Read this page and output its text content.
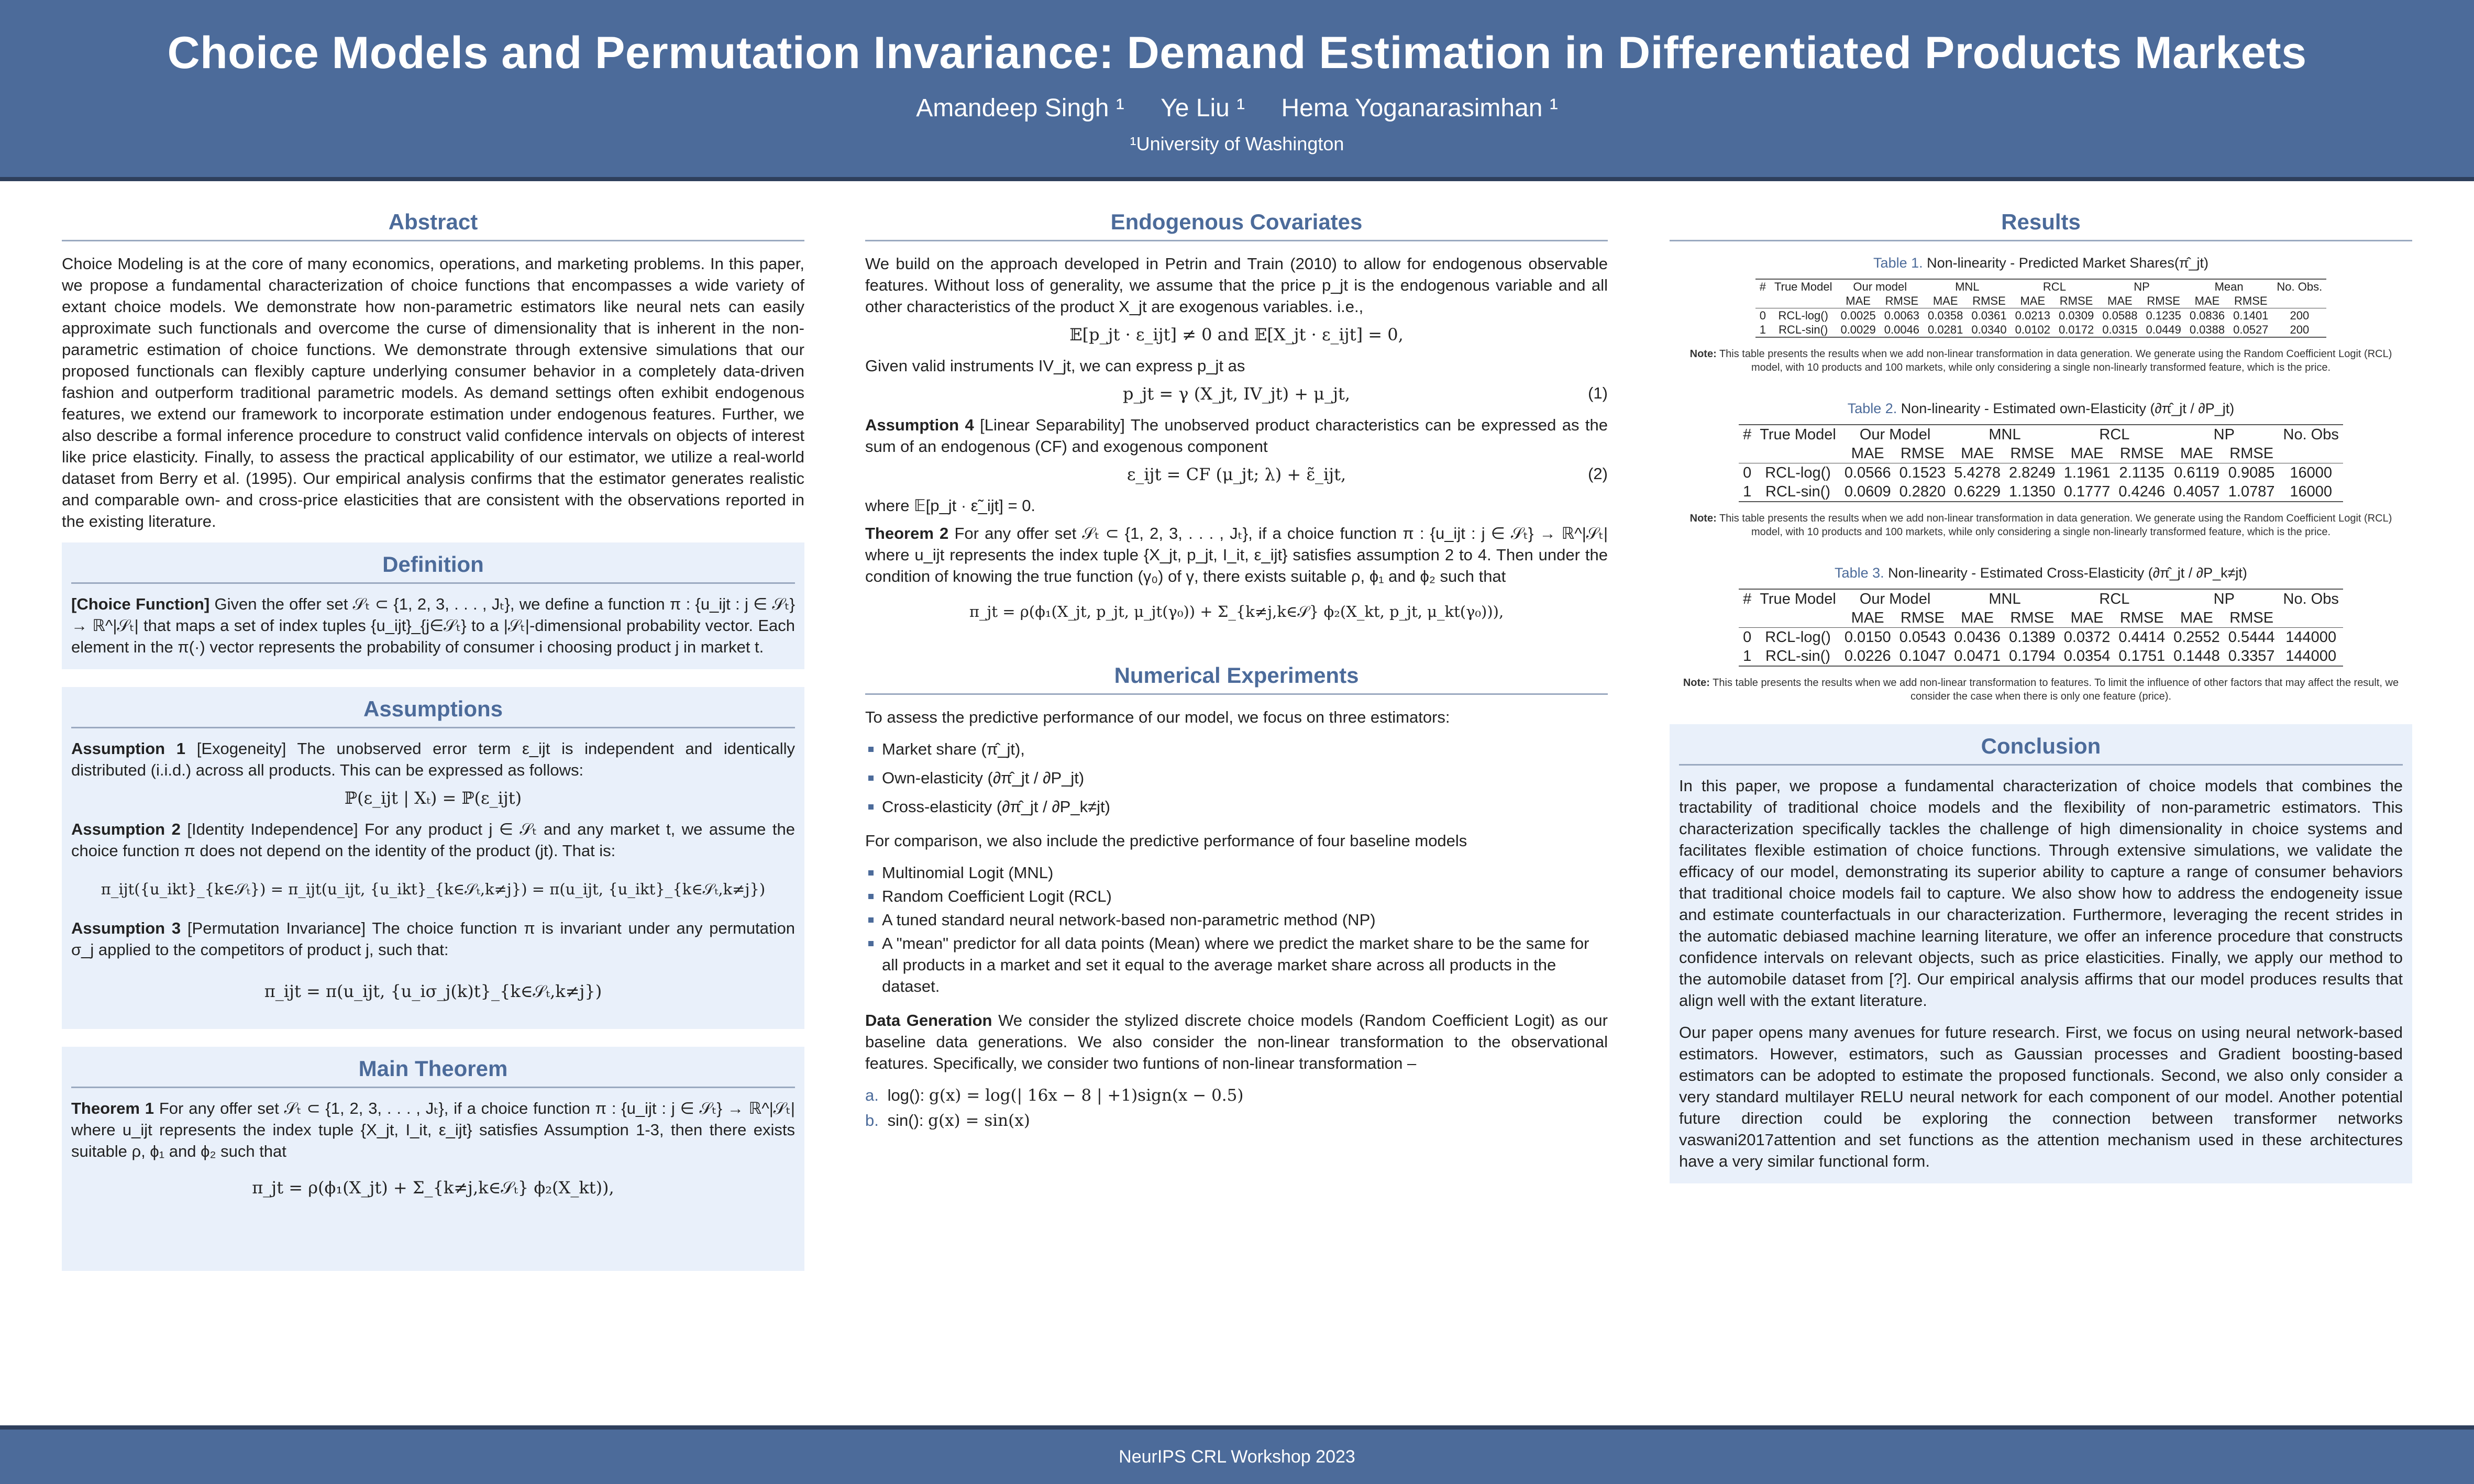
Choice Models and Permutation Invariance: Demand Estimation in Differentiated Products Markets
Amandeep Singh ¹ Ye Liu ¹ Hema Yoganarasimhan ¹
¹University of Washington
Abstract

Choice Modeling is at the core of many economics, operations, and marketing problems. In this paper, we propose a fundamental characterization of choice functions that encompasses a wide variety of extant choice models. We demonstrate how non-parametric estimators like neural nets can easily approximate such functionals and overcome the curse of dimensionality that is inherent in the non-parametric estimation of choice functions. We demonstrate through extensive simulations that our proposed functionals can flexibly capture underlying consumer behavior in a completely data-driven fashion and outperform traditional parametric models. As demand settings often exhibit endogenous features, we extend our framework to incorporate estimation under endogenous features. Further, we also describe a formal inference procedure to construct valid confidence intervals on objects of interest like price elasticity. Finally, to assess the practical applicability of our estimator, we utilize a real-world dataset from Berry et al. (1995). Our empirical analysis confirms that the estimator generates realistic and comparable own- and cross-price elasticities that are consistent with the observations reported in the existing literature.

Definition

[Choice Function] Given the offer set 𝒮ₜ ⊂ {1, 2, 3, . . . , Jₜ}, we define a function π : {u_ijt : j ∈ 𝒮ₜ} → ℝ^|𝒮ₜ| that maps a set of index tuples {u_ijt}_{j∈𝒮ₜ} to a |𝒮ₜ|-dimensional probability vector. Each element in the π(·) vector represents the probability of consumer i choosing product j in market t.

Assumptions

Assumption 1 [Exogeneity] The unobserved error term ε_ijt is independent and identically distributed (i.i.d.) across all products. This can be expressed as follows:

ℙ(ε_ijt | Xₜ) = ℙ(ε_ijt)

Assumption 2 [Identity Independence] For any product j ∈ 𝒮ₜ and any market t, we assume the choice function π does not depend on the identity of the product (jt). That is:

π_ijt({u_ikt}_{k∈𝒮ₜ}) = π_ijt(u_ijt, {u_ikt}_{k∈𝒮ₜ,k≠j}) = π(u_ijt, {u_ikt}_{k∈𝒮ₜ,k≠j})

Assumption 3 [Permutation Invariance] The choice function π is invariant under any permutation σ_j applied to the competitors of product j, such that:

π_ijt = π(u_ijt, {u_iσ_j(k)t}_{k∈𝒮ₜ,k≠j})
Main Theorem

Theorem 1 For any offer set 𝒮ₜ ⊂ {1, 2, 3, . . . , Jₜ}, if a choice function π : {u_ijt : j ∈ 𝒮ₜ} → ℝ^|𝒮ₜ| where u_ijt represents the index tuple {X_jt, I_it, ε_ijt} satisfies Assumption 1-3, then there exists suitable ρ, ϕ₁ and ϕ₂ such that

π_jt = ρ(ϕ₁(X_jt) + Σ_{k≠j,k∈𝒮ₜ} ϕ₂(X_kt)),
Endogenous Covariates

We build on the approach developed in Petrin and Train (2010) to allow for endogenous observable features. Without loss of generality, we assume that the price p_jt is the endogenous variable and all other characteristics of the product X_jt are exogenous variables. i.e.,

𝔼[p_jt · ε_ijt] ≠ 0 and 𝔼[X_jt · ε_ijt] = 0,

Given valid instruments IV_jt, we can express p_jt as

p_jt = γ (X_jt, IV_jt) + μ_jt,	(1)

Assumption 4 [Linear Separability] The unobserved product characteristics can be expressed as the sum of an endogenous (CF) and exogenous component

ε_ijt = CF (μ_jt; λ) + ε̃_ijt,	(2)

where 𝔼[p_jt · ε̃_ijt] = 0.

Theorem 2 For any offer set 𝒮ₜ ⊂ {1, 2, 3, . . . , Jₜ}, if a choice function π : {u_ijt : j ∈ 𝒮ₜ} → ℝ^|𝒮ₜ| where u_ijt represents the index tuple {X_jt, p_jt, I_it, ε_ijt} satisfies assumption 2 to 4. Then under the condition of knowing the true function (γ₀) of γ, there exists suitable ρ, ϕ₁ and ϕ₂ such that

π_jt = ρ(ϕ₁(X_jt, p_jt, μ_jt(γ₀)) + Σ_{k≠j,k∈𝒮} ϕ₂(X_kt, p_jt, μ_kt(γ₀))),
Numerical Experiments

To assess the predictive performance of our model, we focus on three estimators:

Market share (π̂_jt),
Own-elasticity (∂π̂_jt / ∂P_jt)
Cross-elasticity (∂π̂_jt / ∂P_k≠jt)

For comparison, we also include the predictive performance of four baseline models

Multinomial Logit (MNL)
Random Coefficient Logit (RCL)
A tuned standard neural network-based non-parametric method (NP)
A "mean" predictor for all data points (Mean) where we predict the market share to be the same for all products in a market and set it equal to the average market share across all products in the dataset.

Data Generation We consider the stylized discrete choice models (Random Coefficient Logit) as our baseline data generations. We also consider the non-linear transformation to the observational features. Specifically, we consider two funtions of non-linear transformation –

a. log(): g(x) = log(| 16x − 8 | +1)sign(x − 0.5)
b. sin(): g(x) = sin(x)
Results
Table 1. Non-linearity - Predicted Market Shares(π̂_jt)
#	True Model	Our model		MNL		RCL		NP		Mean		No. Obs.
		MAE	RMSE	MAE	RMSE	MAE	RMSE	MAE	RMSE	MAE	RMSE	
0	RCL-log()	0.0025	0.0063	0.0358	0.0361	0.0213	0.0309	0.0588	0.1235	0.0836	0.1401	200
1	RCL-sin()	0.0029	0.0046	0.0281	0.0340	0.0102	0.0172	0.0315	0.0449	0.0388	0.0527	200
Note: This table presents the results when we add non-linear transformation in data generation. We generate using the Random Coefficient Logit (RCL) model, with 10 products and 100 markets, while only considering a single non-linearly transformed feature, which is the price.
Table 2. Non-linearity - Estimated own-Elasticity (∂π̂_jt / ∂P_jt)
#	True Model	Our Model		MNL		RCL		NP		No. Obs
		MAE	RMSE	MAE	RMSE	MAE	RMSE	MAE	RMSE	
0	RCL-log()	0.0566	0.1523	5.4278	2.8249	1.1961	2.1135	0.6119	0.9085	16000
1	RCL-sin()	0.0609	0.2820	0.6229	1.1350	0.1777	0.4246	0.4057	1.0787	16000
Note: This table presents the results when we add non-linear transformation in data generation. We generate using the Random Coefficient Logit (RCL) model, with 10 products and 100 markets, while only considering a single non-linearly transformed feature, which is the price.
Table 3. Non-linearity - Estimated Cross-Elasticity (∂π̂_jt / ∂P_k≠jt)
#	True Model	Our Model		MNL		RCL		NP		No. Obs
		MAE	RMSE	MAE	RMSE	MAE	RMSE	MAE	RMSE	
0	RCL-log()	0.0150	0.0543	0.0436	0.1389	0.0372	0.4414	0.2552	0.5444	144000
1	RCL-sin()	0.0226	0.1047	0.0471	0.1794	0.0354	0.1751	0.1448	0.3357	144000
Note: This table presents the results when we add non-linear transformation to features. To limit the influence of other factors that may affect the result, we consider the case when there is only one feature (price).
Conclusion

In this paper, we propose a fundamental characterization of choice models that combines the tractability of traditional choice models and the flexibility of non-parametric estimators. This characterization specifically tackles the challenge of high dimensionality in choice systems and facilitates flexible estimation of choice functions. Through extensive simulations, we validate the efficacy of our model, demonstrating its superior ability to capture a range of consumer behaviors that traditional choice models fail to capture. We also show how to address the endogeneity issue and estimate counterfactuals in our characterization. Furthermore, leveraging the recent strides in the automatic debiased machine learning literature, we offer an inference procedure that constructs confidence intervals on relevant objects, such as price elasticities. Finally, we apply our method to the automobile dataset from [?]. Our empirical analysis affirms that our model produces results that align well with the extant literature.

Our paper opens many avenues for future research. First, we focus on using neural network-based estimators. However, estimators, such as Gaussian processes and Gradient boosting-based estimators can be adopted to estimate the proposed functionals. Second, we also only consider a very standard multilayer RELU neural network for each component of our model. Another potential future direction could be exploring the connection between transformer networks vaswani2017attention and set functions as the attention mechanism used in these architectures have a very similar functional form.

NeurIPS CRL Workshop 2023
